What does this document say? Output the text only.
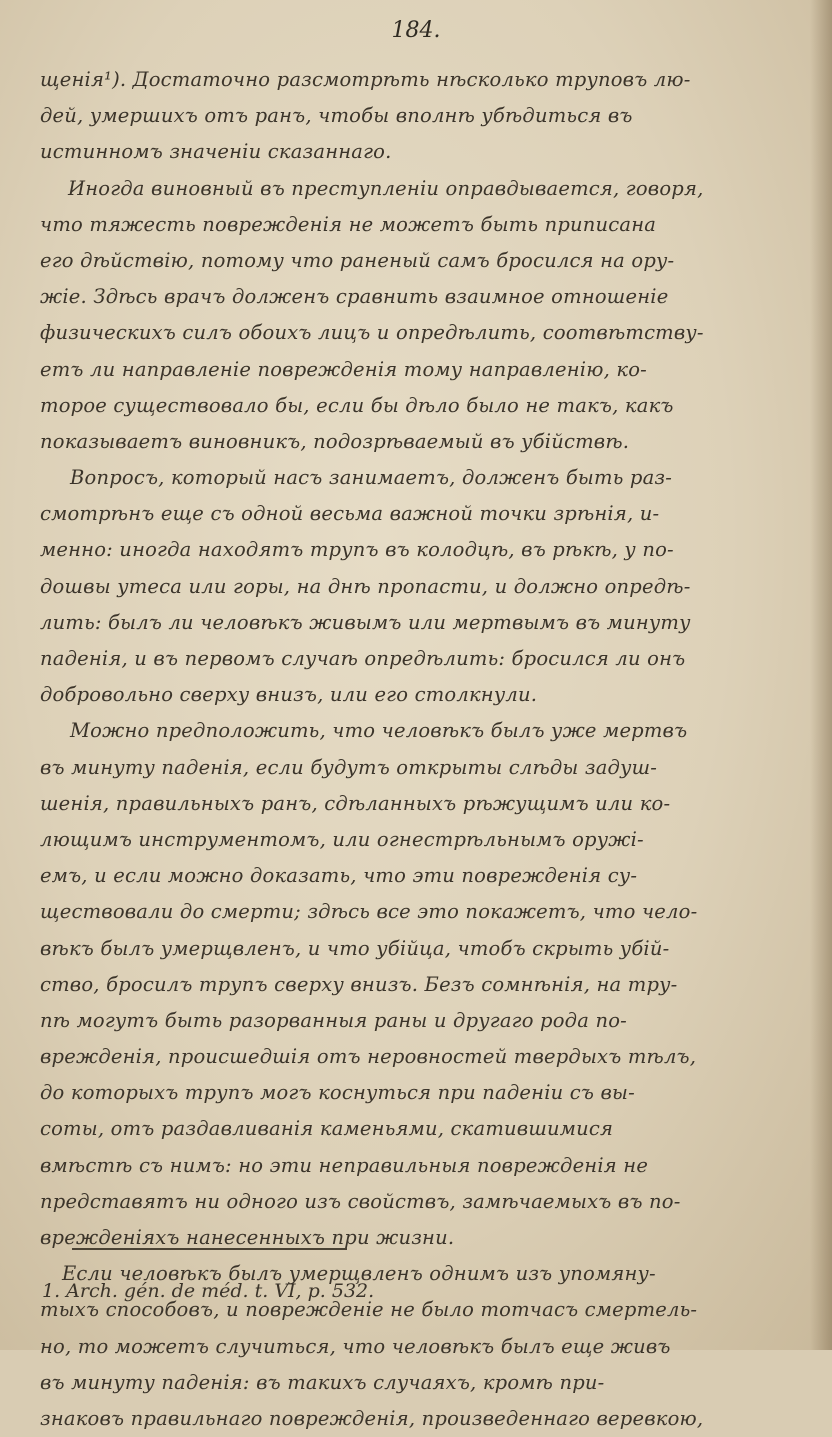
184.
щенія¹). Достаточно разсмотрѣть нѣсколько труповъ лю-
дей, умершихъ отъ ранъ, чтобы вполнѣ убѣдиться въ
истинномъ значеніи сказаннаго.
Иногда виновный въ преступленіи оправдывается, говоря,
что тяжесть поврежденія не можетъ быть приписана
его дѣйствію, потому что раненый самъ бросился на ору-
жіе. Здѣсь врачъ долженъ сравнить взаимное отношеніе
физическихъ силъ обоихъ лицъ и опредѣлить, соотвѣтству-
етъ ли направленіе поврежденія тому направленію, ко-
торое существовало бы, если бы дѣло было не такъ, какъ
показываетъ виновникъ, подозрѣваемый въ убійствѣ.
Вопросъ, который насъ занимаетъ, долженъ быть раз-
смотрѣнъ еще съ одной весьма важной точки зрѣнія, и-
менно: иногда находятъ трупъ въ колодцѣ, въ рѣкѣ, у по-
дошвы утеса или горы, на днѣ пропасти, и должно опредѣ-
лить: былъ ли человѣкъ живымъ или мертвымъ въ минуту
паденія, и въ первомъ случаѣ опредѣлить: бросился ли онъ
добровольно сверху внизъ, или его столкнули.
Можно предположить, что человѣкъ былъ уже мертвъ
въ минуту паденія, если будутъ открыты слѣды задуш-
шенія, правильныхъ ранъ, сдѣланныхъ рѣжущимъ или ко-
лющимъ инструментомъ, или огнестрѣльнымъ оружі-
емъ, и если можно доказать, что эти поврежденія су-
ществовали до смерти; здѣсь все это покажетъ, что чело-
вѣкъ былъ умерщвленъ, и что убійца, чтобъ скрыть убій-
ство, бросилъ трупъ сверху внизъ. Безъ сомнѣнія, на тру-
пѣ могутъ быть разорванныя раны и другаго рода по-
врежденія, происшедшія отъ неровностей твердыхъ тѣлъ,
до которыхъ трупъ могъ коснуться при паденіи съ вы-
соты, отъ раздавливанія каменьями, скатившимися
вмѣстѣ съ нимъ: но эти неправильныя поврежденія не
представятъ ни одного изъ свойствъ, замѣчаемыхъ въ по-
врежденіяхъ нанесенныхъ при жизни.
Если человѣкъ былъ умерщвленъ однимъ изъ упомяну-
тыхъ способовъ, и поврежденіе не было тотчасъ смертель-
но, то можетъ случиться, что человѣкъ былъ еще живъ
въ минуту паденія: въ такихъ случаяхъ, кромѣ при-
знаковъ правильнаго поврежденія, произведеннаго веревкою,
1. Arch. gén. de méd. t. VI, p. 532.
